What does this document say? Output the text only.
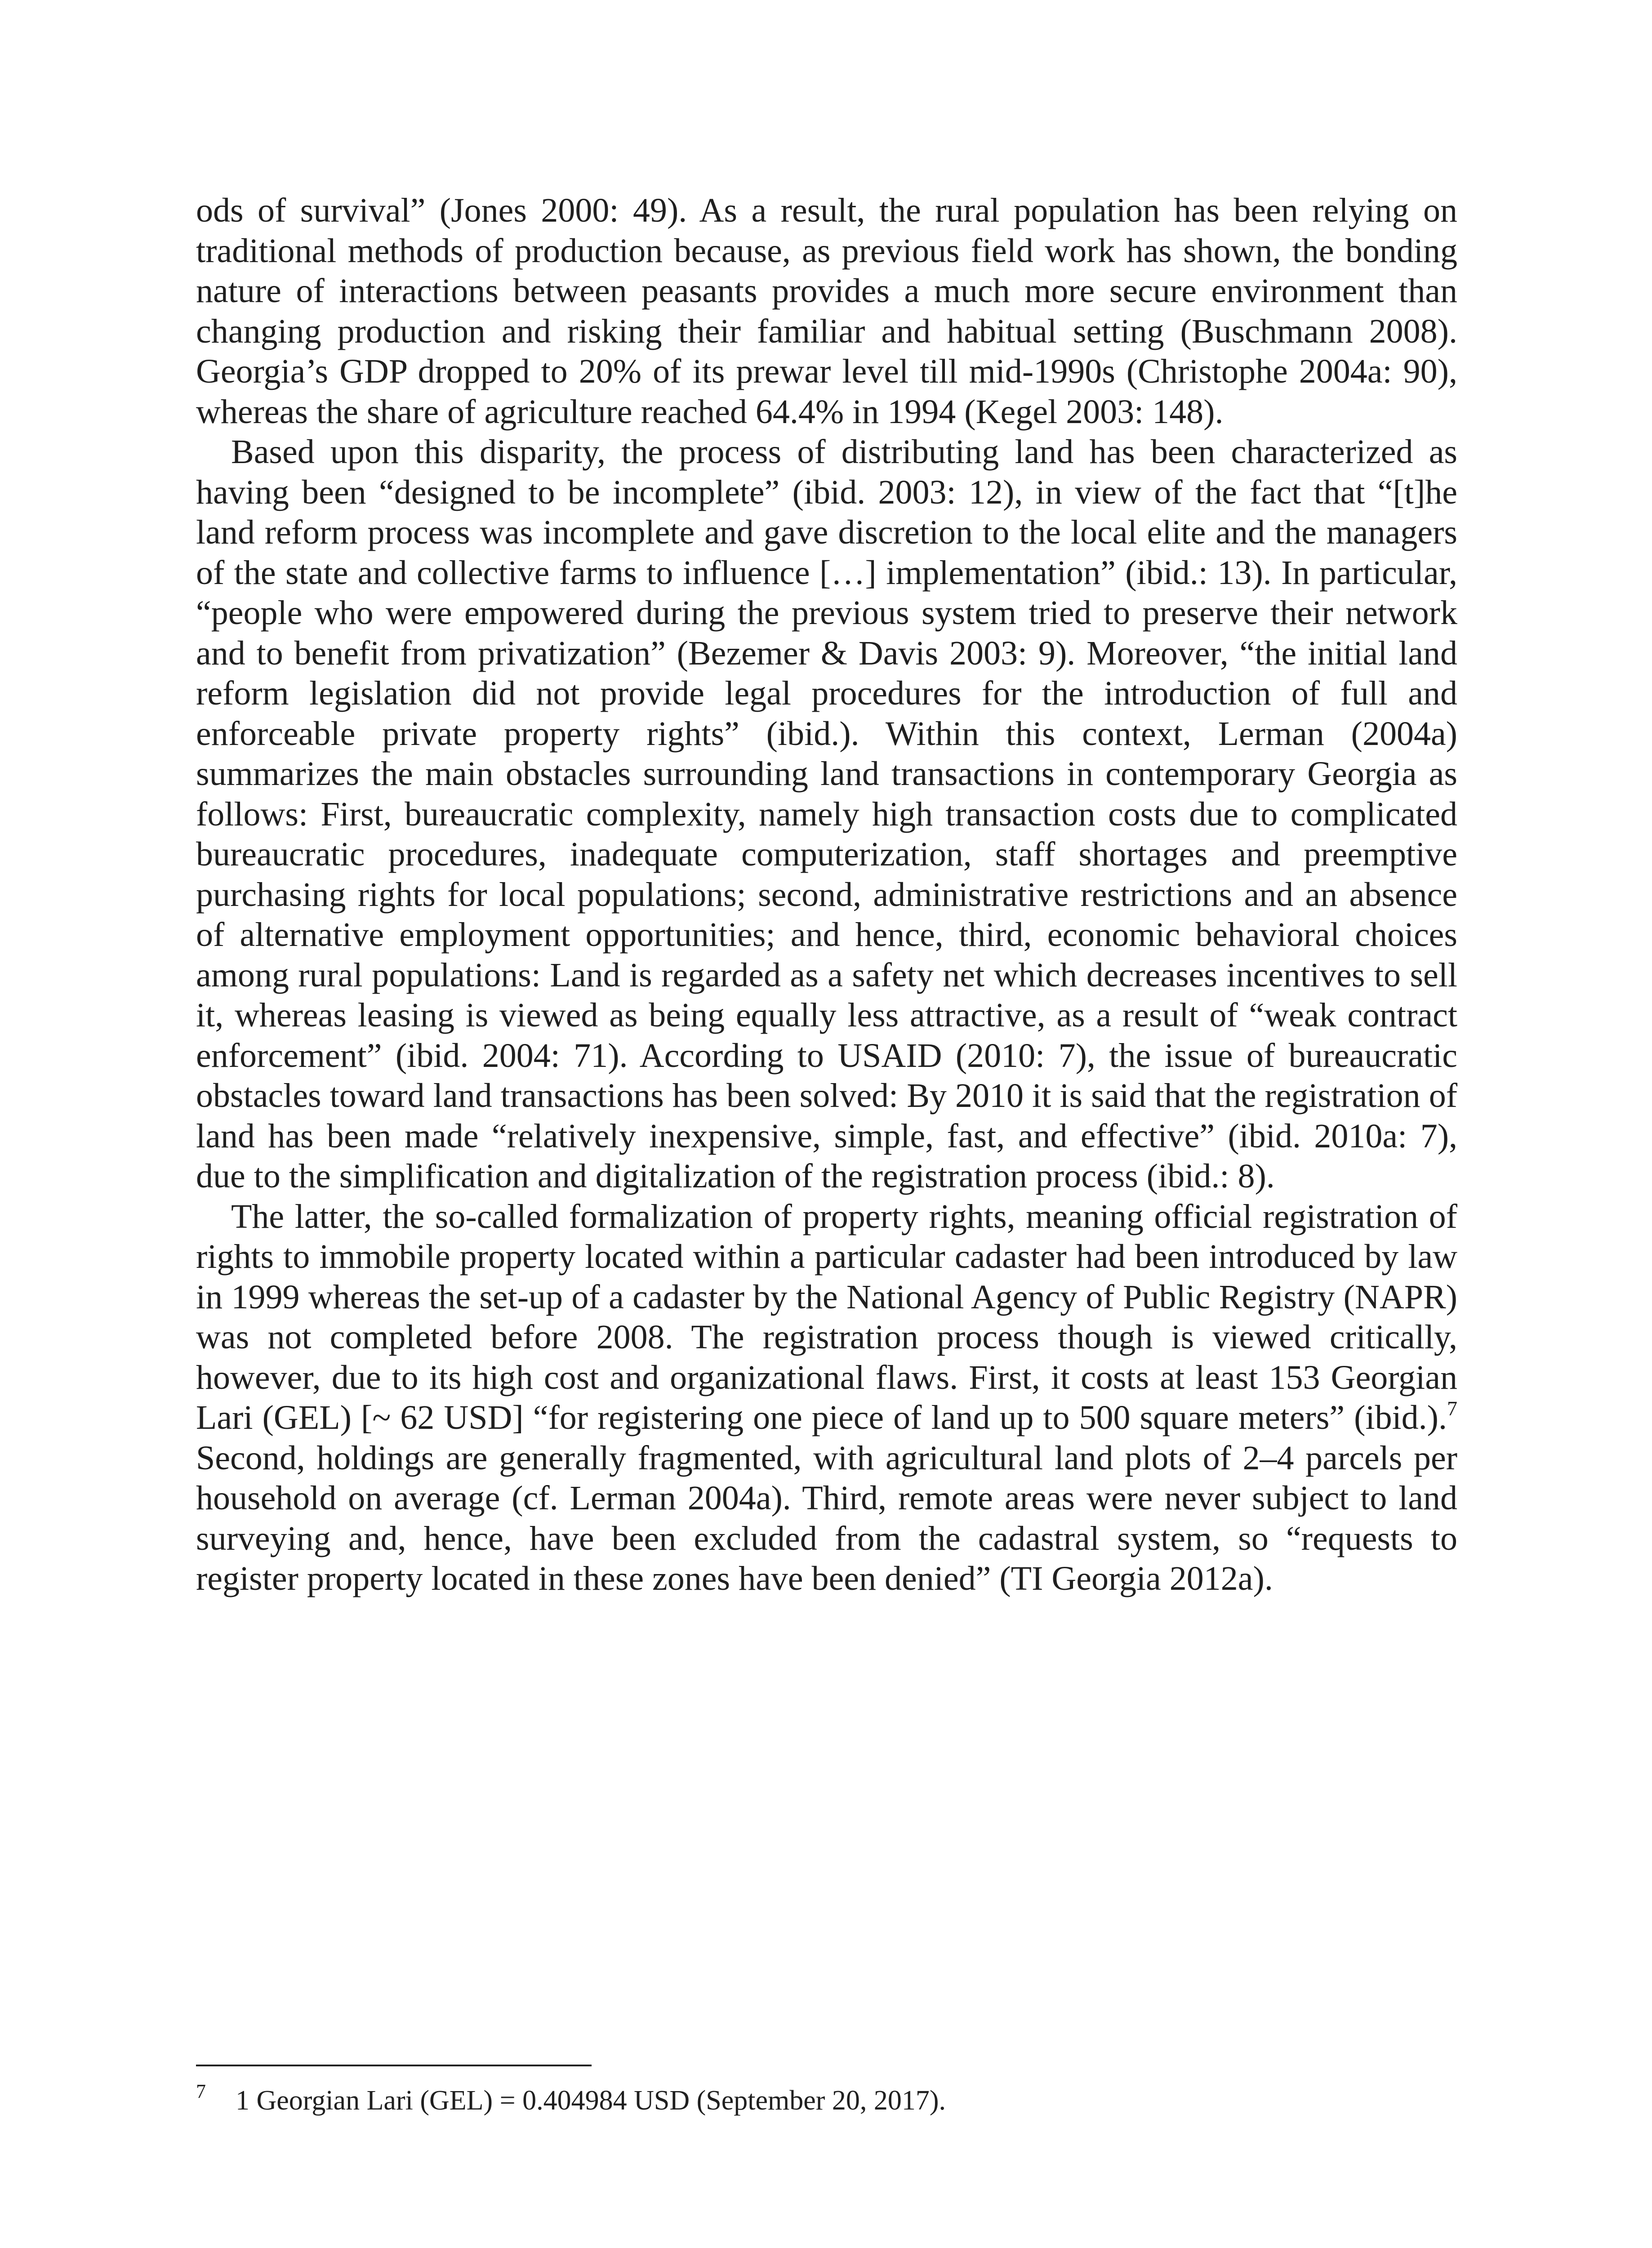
ods of survival” (Jones 2000: 49). As a result, the rural population has been relying on traditional methods of production because, as previous field work has shown, the bonding nature of interactions between peasants provides a much more secure environment than changing production and risking their familiar and habitual setting (Buschmann 2008). Georgia’s GDP dropped to 20% of its prewar level till mid-1990s (Christophe 2004a: 90), whereas the share of agriculture reached 64.4% in 1994 (Kegel 2003: 148).

Based upon this disparity, the process of distributing land has been characterized as having been “designed to be incomplete” (ibid. 2003: 12), in view of the fact that “[t]he land reform process was incomplete and gave discretion to the local elite and the managers of the state and collective farms to influence […] implementation” (ibid.: 13). In particular, “people who were empowered during the previous system tried to preserve their network and to benefit from privatization” (Bezemer & Davis 2003: 9). Moreover, “the initial land reform legislation did not provide legal procedures for the introduction of full and enforceable private property rights” (ibid.). Within this context, Lerman (2004a) summarizes the main obstacles surrounding land transactions in contemporary Georgia as follows: First, bureaucratic complexity, namely high transaction costs due to complicated bureaucratic procedures, inadequate computerization, staff shortages and preemptive purchasing rights for local populations; second, administrative restrictions and an absence of alternative employment opportunities; and hence, third, economic behavioral choices among rural populations: Land is regarded as a safety net which decreases incentives to sell it, whereas leasing is viewed as being equally less attractive, as a result of “weak contract enforcement” (ibid. 2004: 71). According to USAID (2010: 7), the issue of bureaucratic obstacles toward land transactions has been solved: By 2010 it is said that the registration of land has been made “relatively inexpensive, simple, fast, and effective” (ibid. 2010a: 7), due to the simplification and digitalization of the registration process (ibid.: 8).

The latter, the so-called formalization of property rights, meaning official registration of rights to immobile property located within a particular cadaster had been introduced by law in 1999 whereas the set-up of a cadaster by the National Agency of Public Registry (NAPR) was not completed before 2008. The registration process though is viewed critically, however, due to its high cost and organizational flaws. First, it costs at least 153 Georgian Lari (GEL) [~ 62 USD] “for registering one piece of land up to 500 square meters” (ibid.).$^7$ Second, holdings are generally fragmented, with agricultural land plots of 2–4 parcels per household on average (cf. Lerman 2004a). Third, remote areas were never subject to land surveying and, hence, have been excluded from the cadastral system, so “requests to register property located in these zones have been denied” (TI Georgia 2012a).

7 1 Georgian Lari (GEL) = 0.404984 USD (September 20, 2017).
